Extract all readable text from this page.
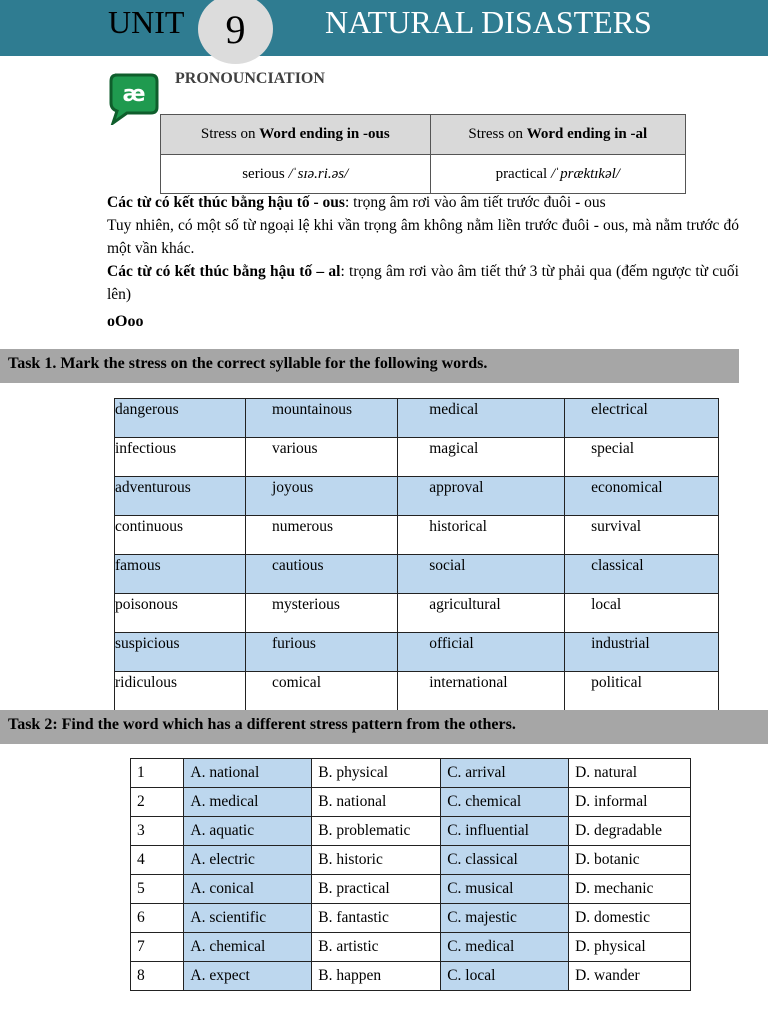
UNIT 9 NATURAL DISASTERS
æ
PRONOUNCIATION
Stress on Word ending in -ous	Stress on Word ending in -al
serious /ˈsɪə.ri.əs/	practical /ˈpræktɪkəl/

Các từ có kết thúc bằng hậu tố - ous: trọng âm rơi vào âm tiết trước đuôi - ous

Tuy nhiên, có một số từ ngoại lệ khi vần trọng âm không nằm liền trước đuôi - ous, mà nằm trước đó một vần khác.

Các từ có kết thúc bằng hậu tố – al: trọng âm rơi vào âm tiết thứ 3 từ phải qua (đếm ngược từ cuối lên)

oOoo
Task 1. Mark the stress on the correct syllable for the following words.
dangerous	mountainous	medical	electrical
infectious	various	magical	special
adventurous	joyous	approval	economical
continuous	numerous	historical	survival
famous	cautious	social	classical
poisonous	mysterious	agricultural	local
suspicious	furious	official	industrial
ridiculous	comical	international	political
Task 2: Find the word which has a different stress pattern from the others.
1	A. national	B. physical	C. arrival	D. natural
2	A. medical	B. national	C. chemical	D. informal
3	A. aquatic	B. problematic	C. influential	D. degradable
4	A. electric	B. historic	C. classical	D. botanic
5	A. conical	B. practical	C. musical	D. mechanic
6	A. scientific	B. fantastic	C. majestic	D. domestic
7	A. chemical	B. artistic	C. medical	D. physical
8	A. expect	B. happen	C. local	D. wander
